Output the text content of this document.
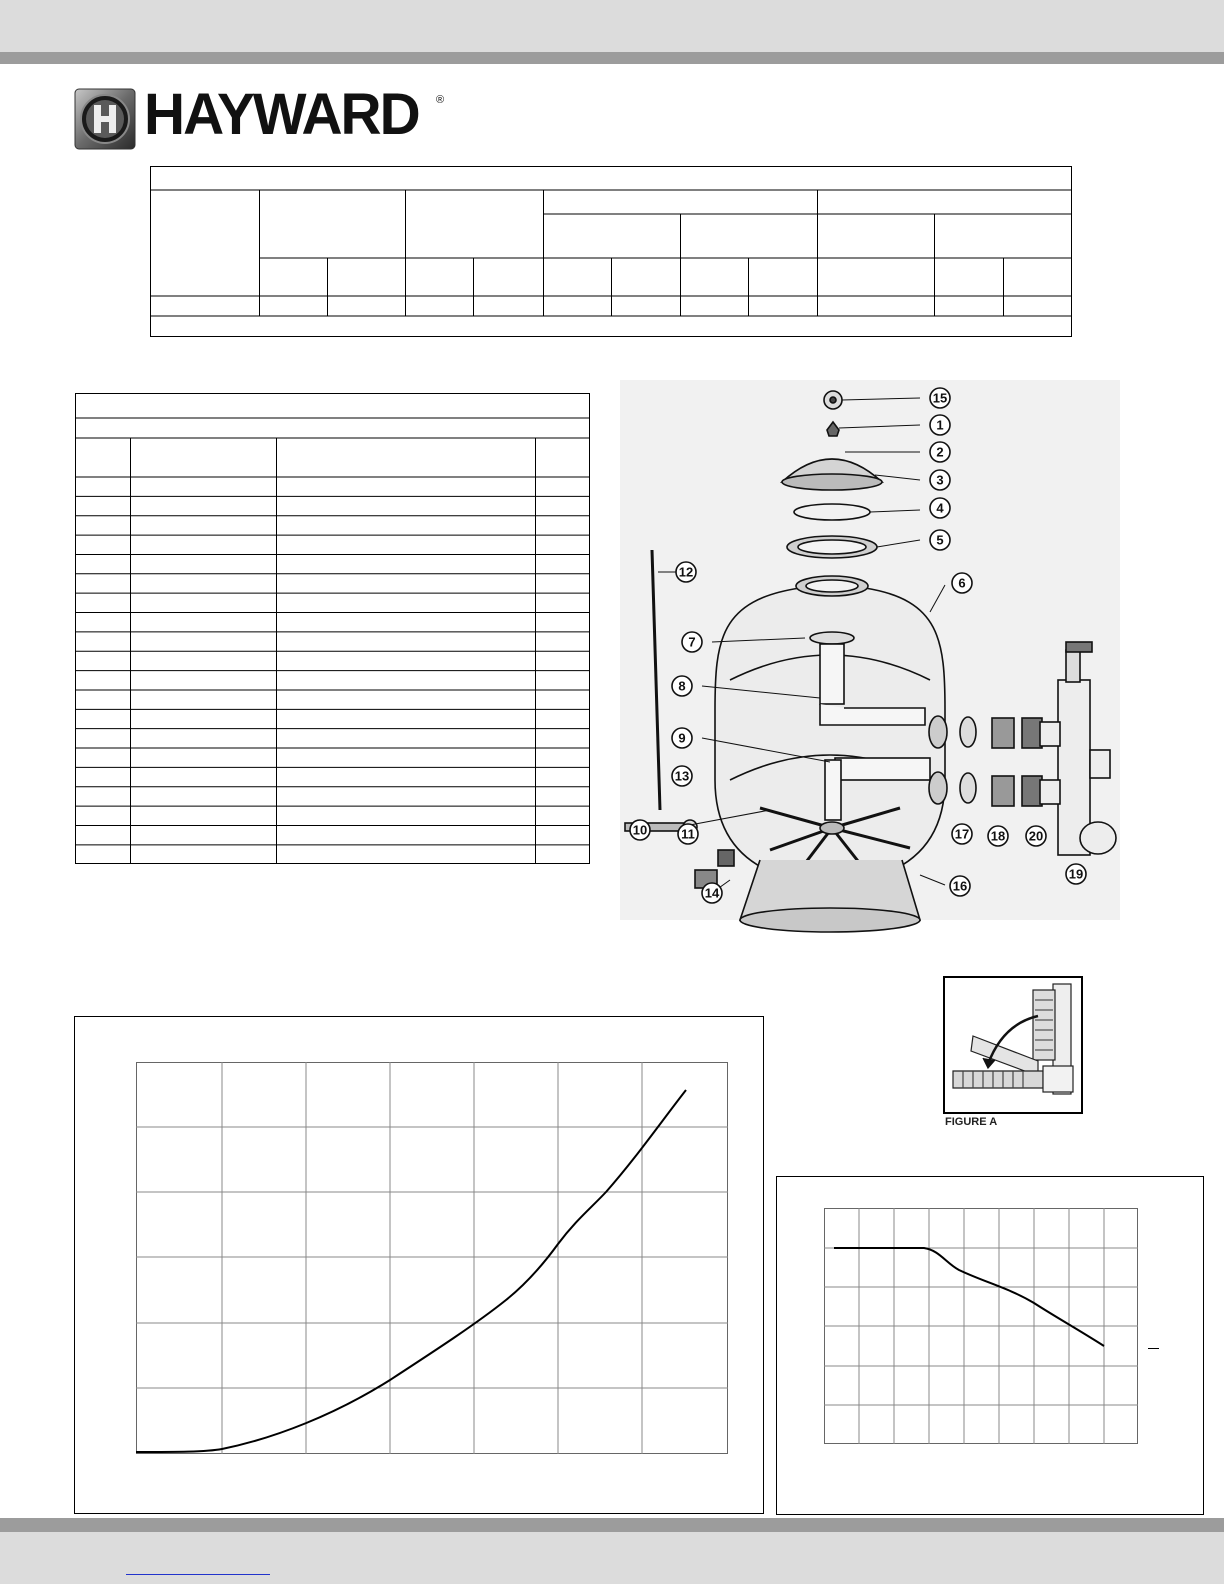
HAYWARD ®
15
1
2
3
4
5
6
7
8
9
10	11
12
13
14	16
17 18
19
20
FIGURE A
